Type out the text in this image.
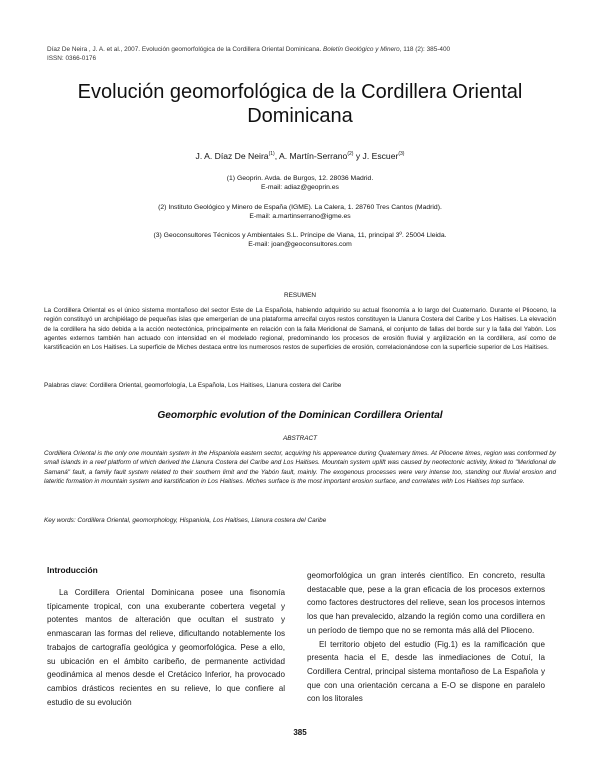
Díaz De Neira , J. A. et al., 2007. Evolución geomorfológica de la Cordillera Oriental Dominicana. Boletín Geológico y Minero, 118 (2): 385-400
ISSN: 0366-0176
Evolución geomorfológica de la Cordillera Oriental
Dominicana
J. A. Díaz De Neira$^{(1)}$, A. Martín-Serrano$^{(2)}$ y J. Escuer$^{(3)}$
(1) Geoprin. Avda. de Burgos, 12. 28036 Madrid.
E-mail: adiaz@geoprin.es
(2) Instituto Geológico y Minero de España (IGME). La Calera, 1. 28760 Tres Cantos (Madrid).
E-mail: a.martinserrano@igme.es
(3) Geoconsultores Técnicos y Ambientales S.L. Príncipe de Viana, 11, principal 3º. 25004 Lleida.
E-mail: joan@geoconsultores.com
RESUMEN
La Cordillera Oriental es el único sistema montañoso del sector Este de La Española, habiendo adquirido su actual fisonomía a lo largo del Cuaternario. Durante el Plioceno, la región constituyó un archipiélago de pequeñas islas que emergerían de una plataforma arrecifal cuyos restos constituyen la Llanura Costera del Caribe y Los Haitises. La elevación de la cordillera ha sido debida a la acción neotectónica, principalmente en relación con la falla Meridional de Samaná, el conjunto de fallas del borde sur y la falla del Yabón. Los agentes externos también han actuado con intensidad en el modelado regional, predominando los procesos de erosión fluvial y argilización en la cordillera, así como de karstificación en Los Haitises. La superficie de Miches destaca entre los numerosos restos de superficies de erosión, correlacionándose con la superficie superior de Los Haitises.
Palabras clave: Cordillera Oriental, geomorfología, La Española, Los Haitises, Llanura costera del Caribe
Geomorphic evolution of the Dominican Cordillera Oriental
ABSTRACT
Cordillera Oriental is the only one mountain system in the Hispaniola eastern sector, acquiring his appereance during Quaternary times. At Pliocene times, region was conformed by small islands in a reef platform of which derived the Llanura Costera del Caribe and Los Haitises. Mountain system uplift was caused by neotectonic activity, linked to "Meridional de Samaná" fault, a family fault system related to their southern limit and the Yabón fault, mainly. The exogenous processes were very intense too, standing out fluvial erosion and lateritic formation in mountain system and karstification in Los Haitises. Miches surface is the most important erosion surface, and correlates with Los Haitises top surface.
Key words: Cordillera Oriental, geomorphology, Hispaniola, Los Haitises, Llanura costera del Caribe
Introducción

La Cordillera Oriental Dominicana posee una fisonomía típicamente tropical, con una exuberante cobertera vegetal y potentes mantos de alteración que ocultan el sustrato y enmascaran las formas del relieve, dificultando notablemente los trabajos de cartografía geológica y geomorfológica. Pese a ello, su ubicación en el ámbito caribeño, de permanente actividad geodinámica al menos desde el Cretácico Inferior, ha provocado cambios drásticos recientes en su relieve, lo que confiere al estudio de su evolución

geomorfológica un gran interés científico. En concreto, resulta destacable que, pese a la gran eficacia de los procesos externos como factores destructores del relieve, sean los procesos internos los que han prevalecido, alzando la región como una cordillera en un período de tiempo que no se remonta más allá del Plioceno.

El territorio objeto del estudio (Fig.1) es la ramificación que presenta hacia el E, desde las inmediaciones de Cotuí, la Cordillera Central, principal sistema montañoso de La Española y que con una orientación cercana a E-O se dispone en paralelo con los litorales

385
